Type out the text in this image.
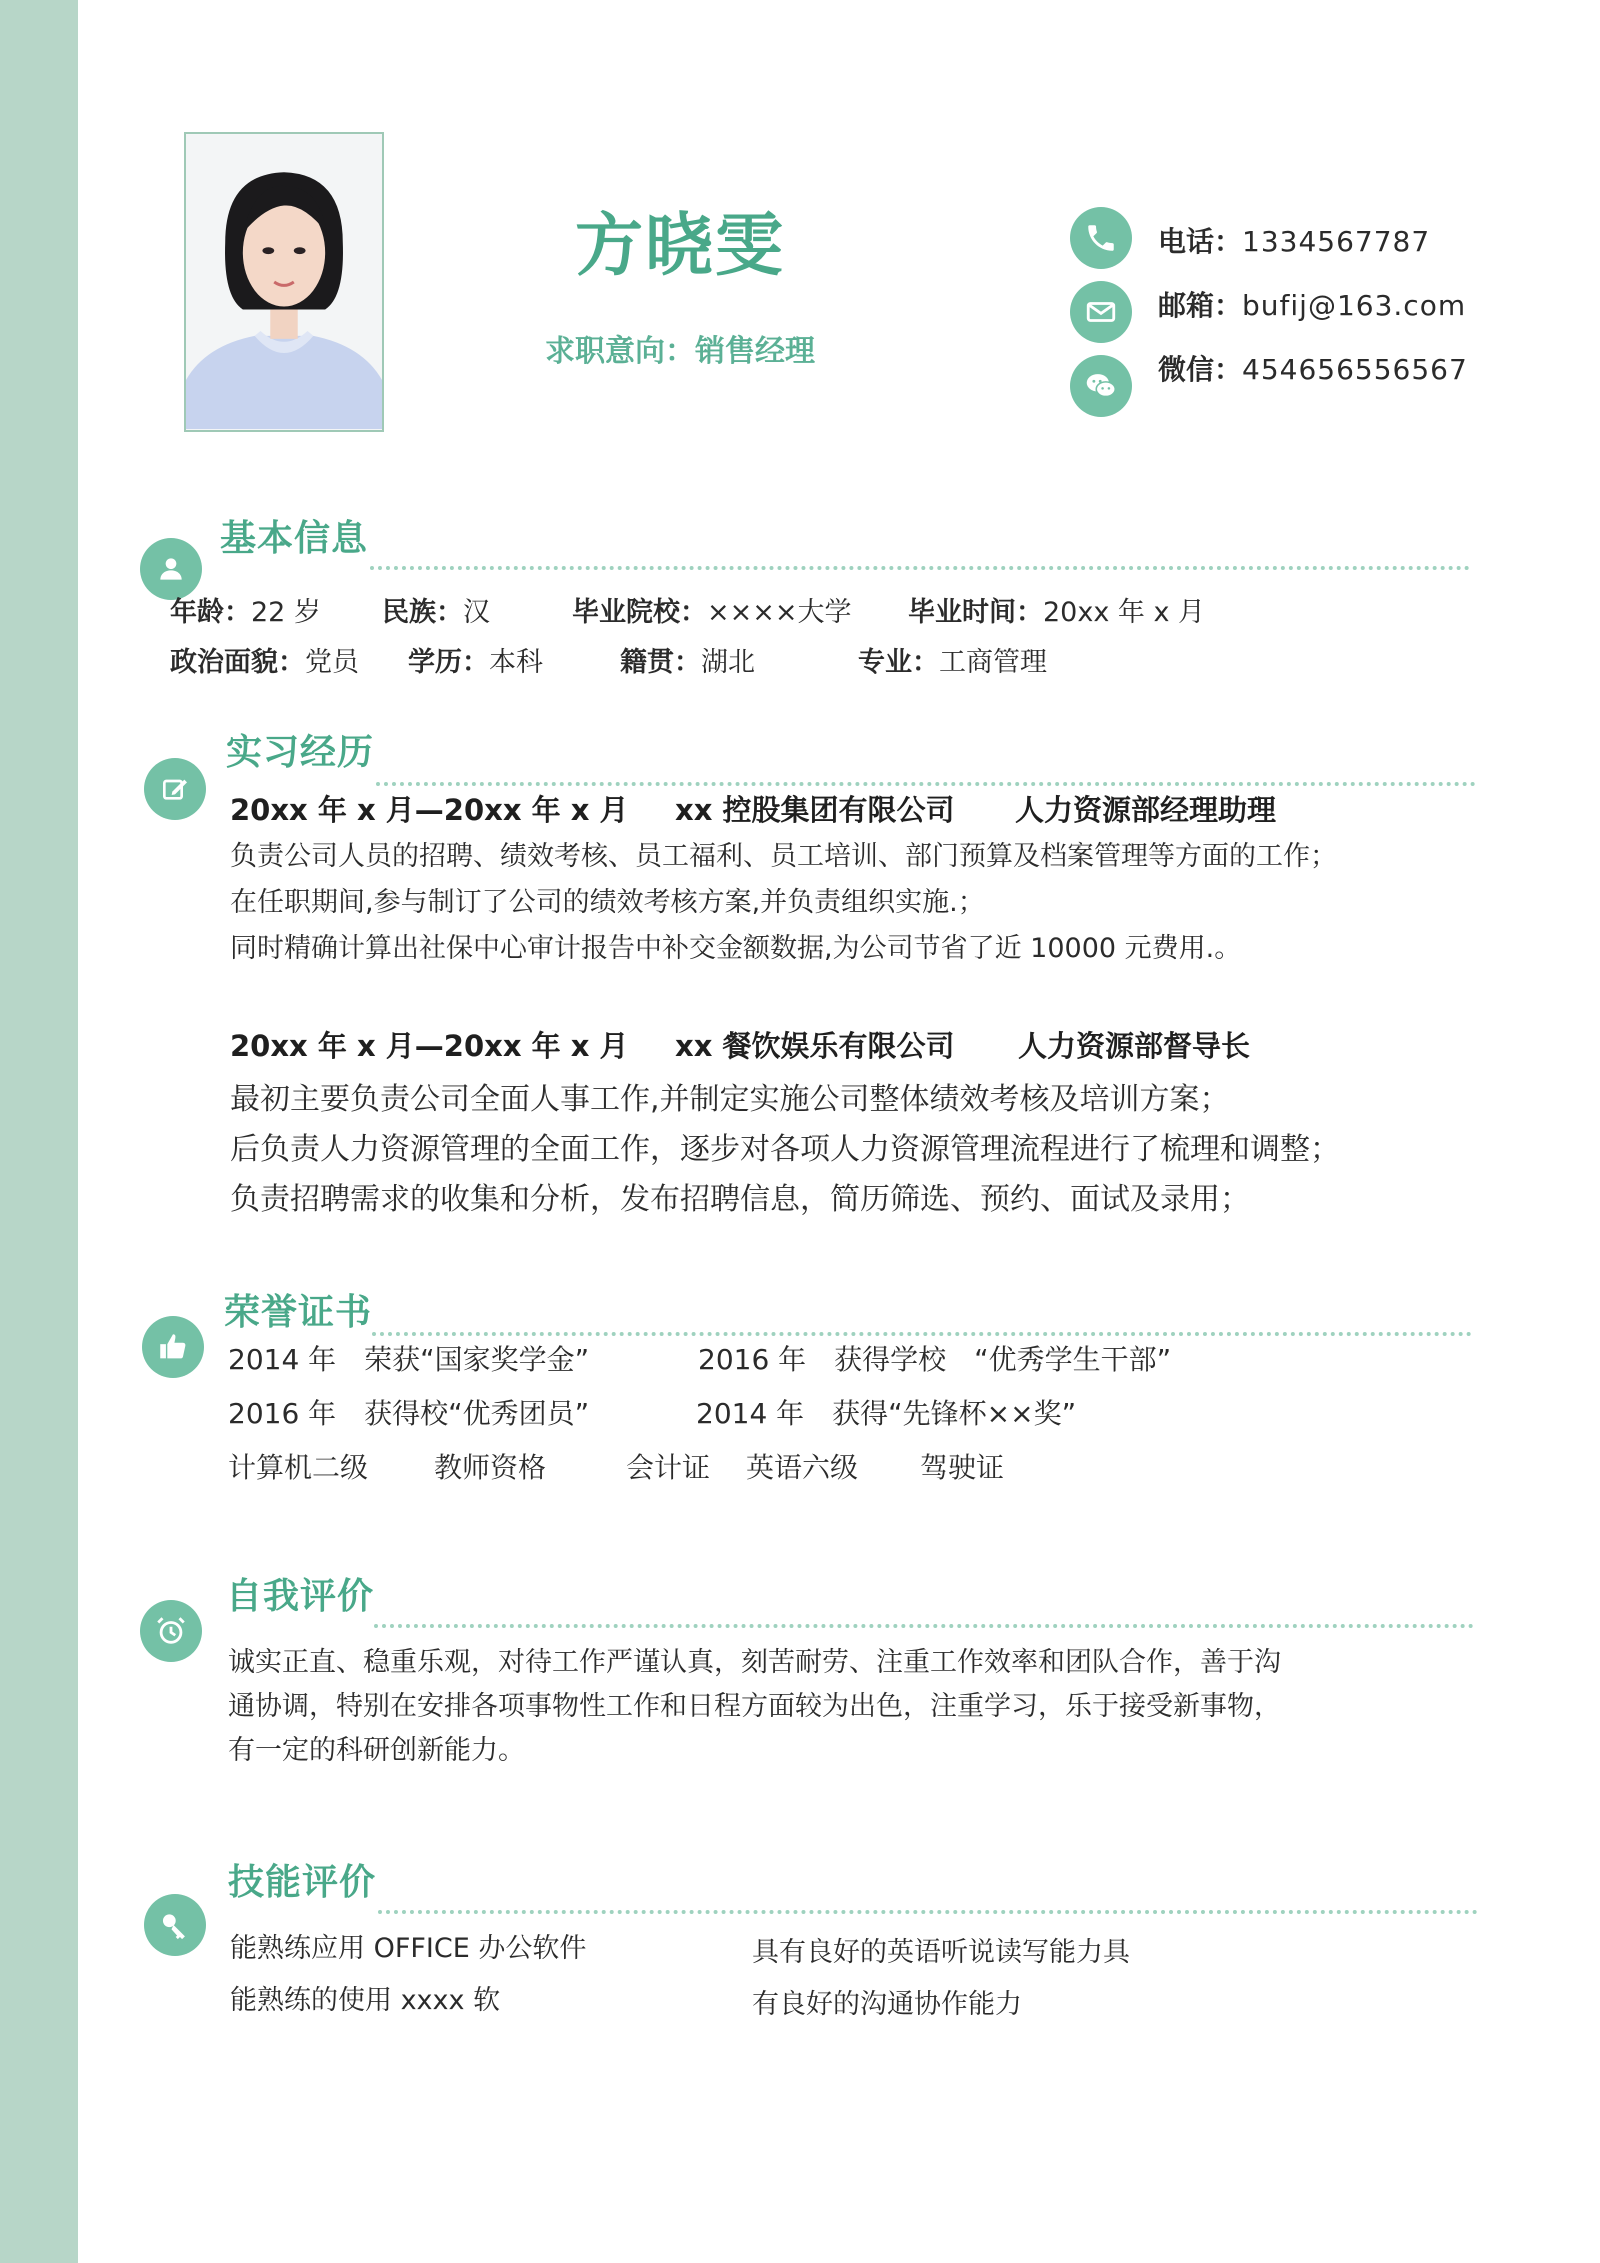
方晓雯
求职意向：销售经理
电话：1334567787
邮箱：bufij@163.com
微信：454656556567
基本信息
年龄：22 岁 民族：汉	毕业院校：××××大学 毕业时间：20xx 年 x 月
政治面貌：党员 学历：本科	籍贯：湖北	专业：工商管理
实习经历
20xx 年 x 月—20xx 年 x 月 xx 控股集团有限公司 人力资源部经理助理
负责公司人员的招聘、绩效考核、员工福利、员工培训、部门预算及档案管理等方面的工作；
在任职期间,参与制订了公司的绩效考核方案,并负责组织实施.；
同时精确计算出社保中心审计报告中补交金额数据,为公司节省了近 10000 元费用.。
20xx 年 x 月—20xx 年 x 月 xx 餐饮娱乐有限公司 人力资源部督导长
最初主要负责公司全面人事工作,并制定实施公司整体绩效考核及培训方案；
后负责人力资源管理的全面工作，逐步对各项人力资源管理流程进行了梳理和调整；
负责招聘需求的收集和分析，发布招聘信息，简历筛选、预约、面试及录用；
荣誉证书
2014 年　荣获“国家奖学金”	2016 年　获得学校　“优秀学生干部”
2016 年　获得校“优秀团员”	2014 年　获得“先锋杯××奖”
计算机二级 教师资格	会计证 英语六级 驾驶证
自我评价
诚实正直、稳重乐观，对待工作严谨认真，刻苦耐劳、注重工作效率和团队合作，善于沟
通协调，特别在安排各项事物性工作和日程方面较为出色，注重学习，乐于接受新事物，
有一定的科研创新能力。
技能评价
能熟练应用 OFFICE 办公软件	具有良好的英语听说读写能力具
能熟练的使用 xxxx 软	有良好的沟通协作能力
